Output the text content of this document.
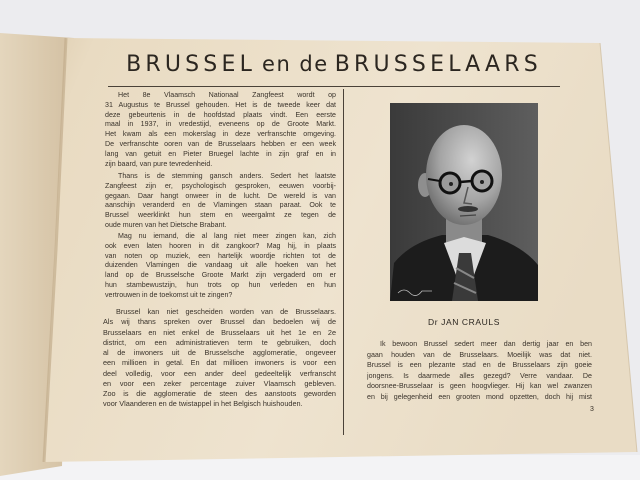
BRUSSEL en de BRUSSELAARS
Het 8e Vlaamsch Nationaal Zangfeest wordt op
31 Augustus te Brussel gehouden. Het is de tweede keer dat
deze gebeurtenis in de hoofdstad plaats vindt. Een eerste
maal in 1937, in vredestijd, eveneens op de Groote Markt.
Het kwam als een mokerslag in deze verfranschte omgeving.
De verfranschte ooren van de Brusselaars hebben er een week
lang van getuit en Pieter Bruegel lachte in zijn graf en in
zijn baard, van pure tevredenheid.
Thans is de stemming gansch anders. Sedert het laatste
Zangfeest zijn er, psychologisch gesproken, eeuwen voorbij-
gegaan. Daar hangt onweer in de lucht. De wereld is van
aanschijn veranderd en de Vlamingen staan paraat. Ook te
Brussel weerklinkt hun stem en weergalmt ze tegen de
oude muren van het Dietsche Brabant.
Mag nu iemand, die al lang niet meer zingen kan, zich
ook even laten hooren in dit zangkoor? Mag hij, in plaats
van noten op muziek, een hartelijk woordje richten tot de
duizenden Vlamingen die vandaag uit alle hoeken van het
land op de Brusselsche Groote Markt zijn vergaderd om er
hun stambewustzijn, hun trots op hun verleden en hun
vertrouwen in de toekomst uit te zingen?
Brussel kan niet gescheiden worden van de Brusselaars.
Als wij thans spreken over Brussel dan bedoelen wij de
Brusselaars en niet enkel de Brusselaars uit het 1e en 2e
district, om een administratieven term te gebruiken, doch
al de inwoners uit de Brusselsche agglomeratie, ongeveer
een millioen in getal. En dat millioen inwoners is voor een
deel volledig, voor een ander deel gedeeltelijk verfranscht
en voor een zeker percentage zuiver Vlaamsch gebleven.
Zoo is die agglomeratie de steen des aanstoots geworden
voor Vlaanderen en de twistappel in het Belgisch huishouden.
Dr JAN CRAULS
Ik bewoon Brussel sedert meer dan dertig jaar en ben
gaan houden van de Brusselaars. Moeilijk was dat niet.
Brussel is een plezante stad en de Brusselaars zijn goeie
jongens. Is daarmede alles gezegd? Verre vandaar. De
doorsnee-Brusselaar is geen hoogvlieger. Hij kan wel zwanzen
en bij gelegenheid een grooten mond opzetten, doch hij mist
3
